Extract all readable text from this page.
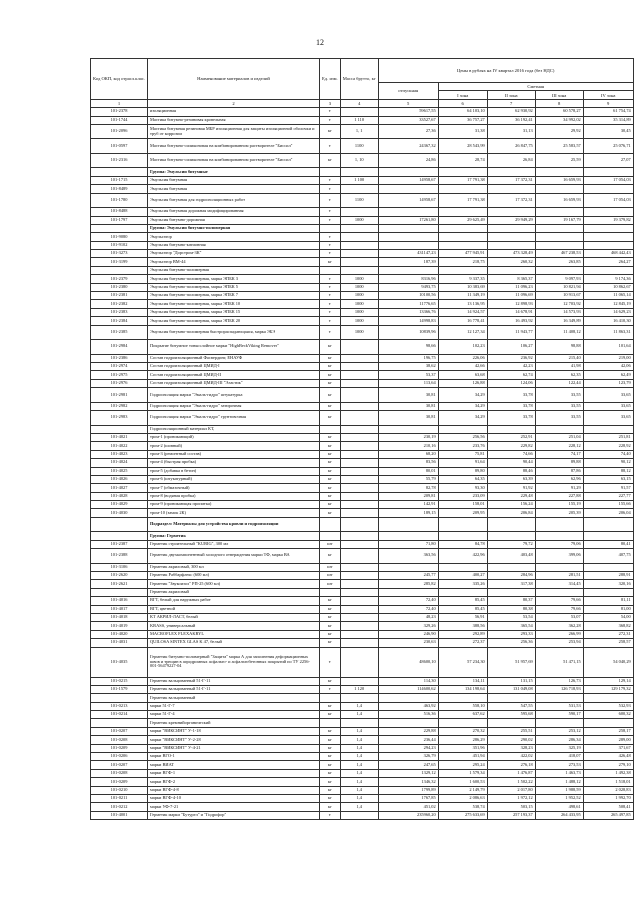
12
Код ОКП, код отрасл.клас.	Наименование материалов и изделий	Ед. изм.	Масса брутто, кг	Цены в рублях на IV квартал 2016 года (без НДС)				
				отпускная	Сметная			
					I зона	II зона	III зона	IV зона
1	2	3	4	5	6	7	8	9
101-2378	изоляционная	т		59617,55	64 103,10	62 930,92	60 578,27	61 754,74
101-1744	Мастика битумно-резиновая кровельная	т	1 110	33527,67	36 757,27	36 192,41	34 992,02	35 314,89
101-2096	Мастика битумная резиновая МБР изоляционная для защиты изоляционной оболочки и труб от коррозии	кг	1, 1	27,36	31,38	31,13	29,92	30,45
101-0597	Мастика битумно-силиконовая на комбинированном растворителе "Биссил"	т	1100	24367,32	28 543,99	26 847,75	25 583,57	25 076,71
101-2316	Мастика битумно-силиконовая на комбинированном растворителе "Биссил"	кг	1, 10	24,86	28,74	26,84	25,59	27,07
	Группа: Эмульсии битумные							
101-1715	Эмульсия битумная	т	1 100	14958,67	17 791,38	17 372,31	16 659,93	17 054,03
101-8489	Эмульсия битумная	т						
101-1780	Эмульсия битумная для гидроизоляционных работ	т	1100	14958,67	17 791,38	17 372,31	16 659,93	17 054,03
101-8488	Эмульсия битумная дорожная модифицированная	т						
101-1797	Эмульсия битумно-дорожная	т	1000	17261,80	29 625,49	29 949,29	19 167,79	19 379,82
	Группа: Эмульсии битумно-полимерная							
101-9080	Эмульгатор	т						
101-9102	Эмульсия битумно-катионная	т						
101-3273	Эмульгатор "Дорстром-3К"	т		431147,23	477 945,91	473 328,49	467 238,53	468 442,43
101-3199	Эмульгатор ВМ-44	кг		187,39	218,75	260,32	263,85	264,27
	Эмульсия битумно-полимерная							
101-2379	Эмульсия битумно-полимерная, марка ЭПБК 3	т	1000	8316,96	9 337,35	8 365,37	9 097,93	9 174,36
101-2380	Эмульсия битумно-полимерная, марка ЭПБК 5	т	1000	9493,75	10 383,69	11 096,23	10 821,94	10 862,67
101-2381	Эмульсия битумно-полимерная, марка ЭПБК 7	т	1000	10100,56	11 349,19	11 096,69	10 913,67	11 065,14
101-2382	Эмульсия битумно-полимерная, марка ЭПБК 10	т	1000	11776,65	13 136,95	12 898,93	12 703,92	12 845,19
101-2383	Эмульсия битумно-полимерная, марка ЭПБК 15	т	1000	13366,76	14 924,57	14 678,91	14 573,93	14 629,23
101-2384	Эмульсия битумно-полимерная, марка ЭПБК 20	т	1000	14998,83	16 778,41	16 493,92	16 349,89	16 410,30
101-2385	Эмульсия битумно-полимерная быстрораспадающаяся, марка ЭБЭ	т	1000	10839,96	12 127,34	11 943,77	11 408,12	11 863,31
101-2984	Покрытие битумное тонкослойное марки "HighBeckViking Remover"	кг		98,66	102,23	106,27	98,88	101,64
101-2386	Состав гидроизоляционный Фасвердинг, ЕНАУФ	кг		196,75	226,06	236,92	215,40	219,00
101-2974	Состав гидроизоляционный ЦМИД-I	кг		38,62	42,66	42,23	41,98	42,06
101-2975	Состав гидроизоляционный ЦМИД-II	кг		53,37	63,68	62,74	62,35	62,49
101-2976	Состав гидроизоляционный ЦМИД-III "Эластик"	кг		113,64	126,88	124,06	122,44	123,79
101-2981	Гидроизоляция марки "Эмаль-гидро" штукатурка	кг		30,81	34,29	33,78	33,55	33,65
101-2982	Гидроизоляция марки "Эмаль-гидро" затирочная	кг		30,81	34,29	33,78	33,55	33,65
101-2983	Гидроизоляция марки "Эмаль-гидро" грунтовочная	кг		30,81	34,29	33,78	33,55	33,65
	Гидроизоляционный материал КТ,							
101-4021	тром-1 (проникающий)	кг		230,19	256,56	252,91	251,04	251,81
101-4022	тром-2 (шовный)	кг		210,16	233,76	229,82	228,12	228,92
101-4023	тром-3 (ремонтный состав)	кг		68,20	75,81	74,66	74,17	74,40
101-4024	тром-4 (быстрая пробка)	кг		83,56	91,64	90,44	89,88	90,12
101-4025	тром-5 (добавка в бетон)	кг		80,01	89,80	88,46	87,86	88,12
101-4026	тром-6 (штукатурный)	кг		55,79	64,35	63,39	62,96	63,15
101-4027	тром-7 (обмазочный)	кг		82,78	93,30	91,92	91,29	91,57
101-4028	тром-8 (водяная пробка)	кг		209,81	233,09	229,48	227,88	227,77
101-4029	тром-9 (проникающая пропитка)	кг		142,91	158,01	156,24	155,19	155,66
101-4030	тром-10 (замок 2К)	кг		189,15	209,95	206,84	205,39	206,04
	Подраздел: Материалы для устройства кровли и гидроизоляции							
	Группа: Герметик							
101-2387	Герметик строительный "KURIG", 300 мл	шт		71,80	84,78	79,72	79,06	80,41
101-2388	Герметик двухкомпонентный холодного отверждения марки ТФ, марка ВА	кг		363,56	422,96	403,48	399,06	407,75
101-3106	Герметик акриловый, 300 мл	шт						
101-2620	Герметик Раббарфлекс (600 мл)	шт		245,77	400,27	284,96	281,51	288,91
101-2621	Герметик "Звукоизол" РП-25 (600 мл)	шт		285,82	335,26	317,38	314,45	320,16
	Герметик акриловый							
101-4016	ВГТ, белый для наружных работ	кг		72,40	85,45	80,37	79,66	81,11
101-4017	ВГТ, цветной	кг		72,40	85,45	80,38	79,66	81,00
101-4018	КТ АКРИЛ-ЛАСТ, белый	кг		48,23	56,91	53,54	53,07	54,00
101-4019	KRASS, универсальный	кг		329,26	388,56	365,54	362,28	368,82
101-4020	MACROFLEX FLEXAKRYL	кг		246,90	292,89	293,33	266,99	272,31
101-4031	QUILOSA SINTEX GLAS K 47, белый	кг		230,63	272,37	256,36	253,94	258,57
101-4035	Герметик битумно-полимерный "Защита" марка А для заполнения деформационных швов и трещин в аэродромных асфальто- и асфальтобетонных покрытий по ТУ 2256-001-56479227-04	т		48600,10	57 234,30	51 957,69	51 471,15	54 040,29
101-0215	Герметик вальцованный 51-Г-11	кг		114,30	134,11	131,15	126,73	129,14
101-1579	Герметик вальцованный 51-Г-11	т	1 120	114600,62	134 198,64	131 049,08	126 718,93	129 179,32
	Герметик вальцованный							
101-0213	марки 51-Г-7	кг	1,4	463,92	558,10	547,55	531,53	532,93
101-0214	марки 51-Г-4	кг	1,4	516,36	637,62	595,68	590,17	600,32
	Герметик кремнийорганический							
101-0207	марки "ВИКСИНТ" У-1-18	кг	1,4	229,88	270,32	255,51	253,12	258,17
101-0208	марки "ВИКСИНТ" У-2-28	кг	1,4	236,44	286,29	290,02	286,34	289,00
101-0209	марки "ВИКСИНТ" У-4-21	кг	1,4	294,23	351,96	328,23	325,19	371,67
101-0206	марки ВГО-1	кг	1,4	326,79	451,94	422,02	418,07	426,48
101-0207	марки ВИАТ	кг	1,4	247,65	295,24	276,18	273,53	279,10
101-0208	марки ВГФ-1	кг	1,4	1329,12	1 579,34	1 476,87	1 463,73	1 492,38
101-0209	марки ВГФ-2	кг	1,4	1346,32	1 600,53	1 502,22	1 488,12	1 518,01
101-0210	марки ВГФ-4-8	кг	1,4	1799,89	2 149,79	2 017,80	1 988,59	2 028,83
101-0211	марки ВГФ-4-10	кг	1,4	1767,85	2 086,63	1 972,12	1 952,52	1 992,70
101-0212	марки УФ-7-21	кг	1,4	451,02	538,74	503,15	498,61	508,41
101-4001	Герметик марки "Бутурел" и "Гидрофор"	т		235960,20	275 633,69	257 193,37	264 433,95	265 497,85
